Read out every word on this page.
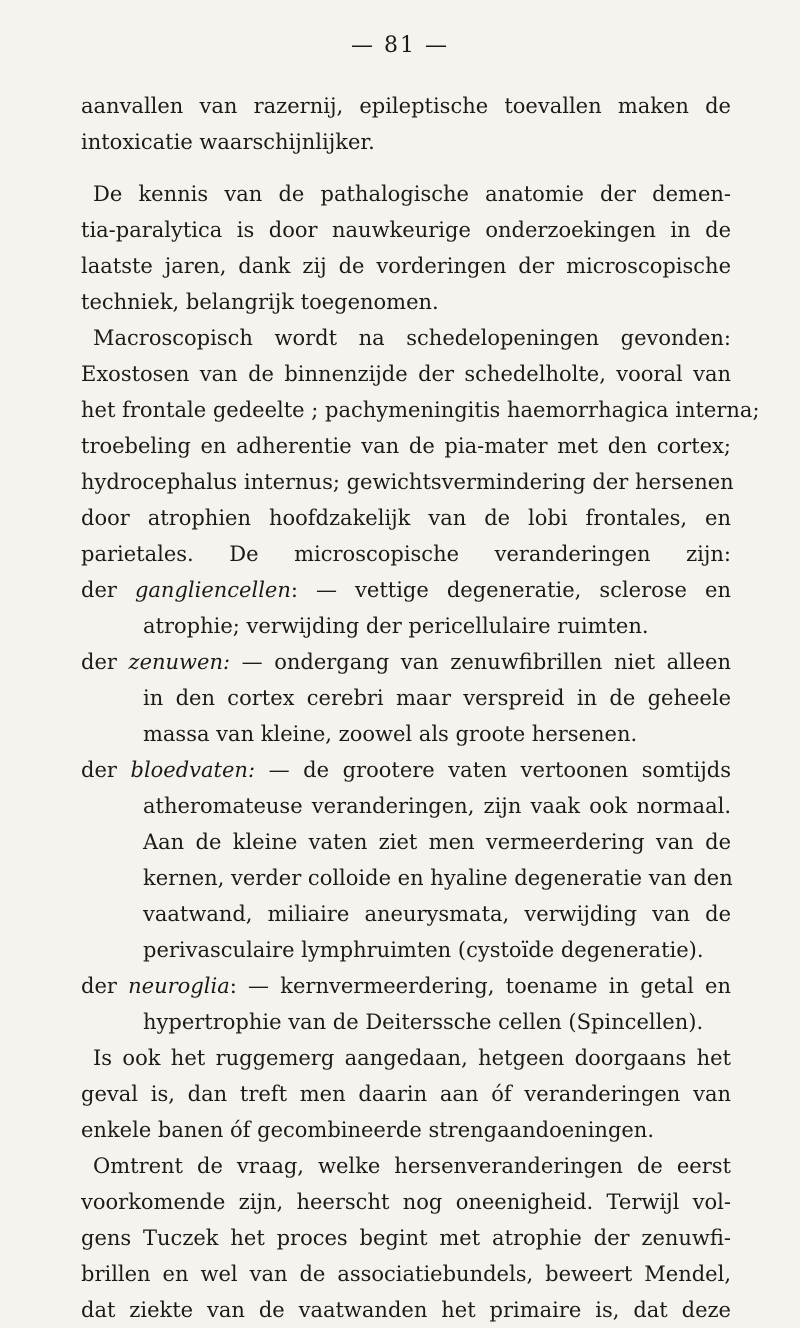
— 81 —
aanvallen van razernij, epileptische toevallen maken de
intoxicatie waarschijnlijker.
De kennis van de pathalogische anatomie der demen-
tia-paralytica is door nauwkeurige onderzoekingen in de
laatste jaren, dank zij de vorderingen der microscopische
techniek, belangrijk toegenomen.
Macroscopisch wordt na schedelopeningen gevonden:
Exostosen van de binnenzijde der schedelholte, vooral van
het frontale gedeelte ; pachymeningitis haemorrhagica interna;
troebeling en adherentie van de pia-mater met den cortex;
hydrocephalus internus; gewichtsvermindering der hersenen
door atrophien hoofdzakelijk van de lobi frontales, en
parietales. De microscopische veranderingen zijn:
der gangliencellen: — vettige degeneratie, sclerose en
atrophie; verwijding der pericellulaire ruimten.
der zenuwen: — ondergang van zenuwfibrillen niet alleen
in den cortex cerebri maar verspreid in de geheele
massa van kleine, zoowel als groote hersenen.
der bloedvaten: — de grootere vaten vertoonen somtijds
atheromateuse veranderingen, zijn vaak ook normaal.
Aan de kleine vaten ziet men vermeerdering van de
kernen, verder colloide en hyaline degeneratie van den
vaatwand, miliaire aneurysmata, verwijding van de
perivasculaire lymphruimten (cystoïde degeneratie).
der neuroglia: — kernvermeerdering, toename in getal en
hypertrophie van de Deiterssche cellen (Spincellen).
Is ook het ruggemerg aangedaan, hetgeen doorgaans het
geval is, dan treft men daarin aan óf veranderingen van
enkele banen óf gecombineerde strengaandoeningen.
Omtrent de vraag, welke hersenveranderingen de eerst
voorkomende zijn, heerscht nog oneenigheid. Terwijl vol-
gens Tuczek het proces begint met atrophie der zenuwfi-
brillen en wel van de associatiebundels, beweert Mendel,
dat ziekte van de vaatwanden het primaire is, dat deze
